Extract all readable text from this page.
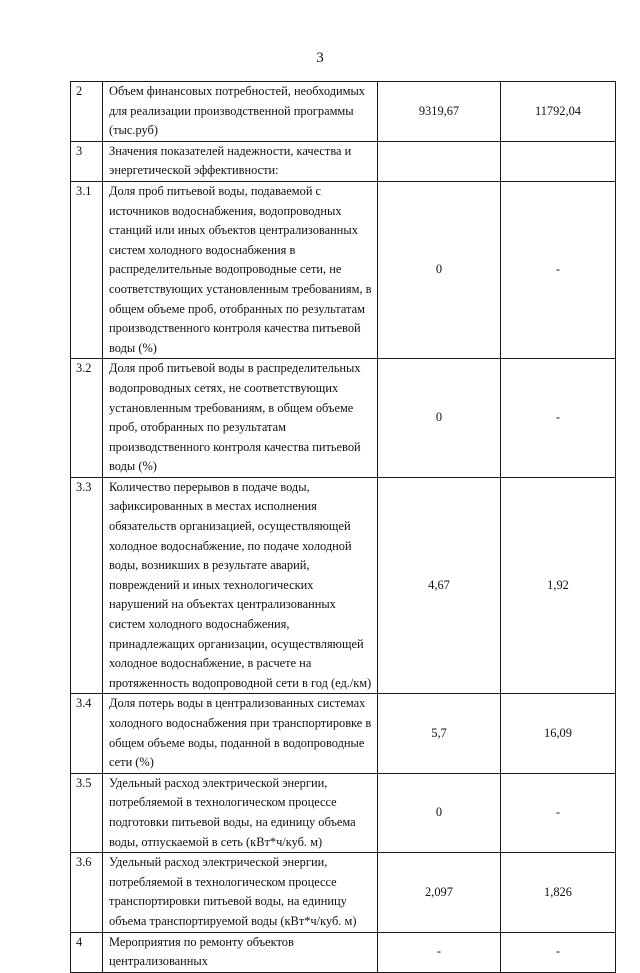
3
2	Объем финансовых потребностей, необходимых для реализации производственной программы (тыс.руб)	9319,67	11792,04
3	Значения показателей надежности, качества и энергетической эффективности:		
3.1	Доля проб питьевой воды, подаваемой с источников водоснабжения, водопроводных станций или иных объектов централизованных систем холодного водоснабжения в распределительные водопроводные сети, не соответствующих установленным требованиям, в общем объеме проб, отобранных по результатам производственного контроля качества питьевой воды (%)	0	-
3.2	Доля проб питьевой воды в распределительных водопроводных сетях, не соответствующих установленным требованиям, в общем объеме проб, отобранных по результатам производственного контроля качества питьевой воды (%)	0	-
3.3	Количество перерывов в подаче воды, зафиксированных в местах исполнения обязательств организацией, осуществляющей холодное водоснабжение, по подаче холодной воды, возникших в результате аварий, повреждений и иных технологических нарушений на объектах централизованных систем холодного водоснабжения, принадлежащих организации, осуществляющей холодное водоснабжение, в расчете на протяженность водопроводной сети в год (ед./км)	4,67	1,92
3.4	Доля потерь воды в централизованных системах холодного водоснабжения при транспортировке в общем объеме воды, поданной в водопроводные сети (%)	5,7	16,09
3.5	Удельный расход электрической энергии, потребляемой в технологическом процессе подготовки питьевой воды, на единицу объема воды, отпускаемой в сеть (кВт*ч/куб. м)	0	-
3.6	Удельный расход электрической энергии, потребляемой в технологическом процессе транспортировки питьевой воды, на единицу объема транспортируемой воды (кВт*ч/куб. м)	2,097	1,826
4	Мероприятия по ремонту объектов централизованных	-	-
